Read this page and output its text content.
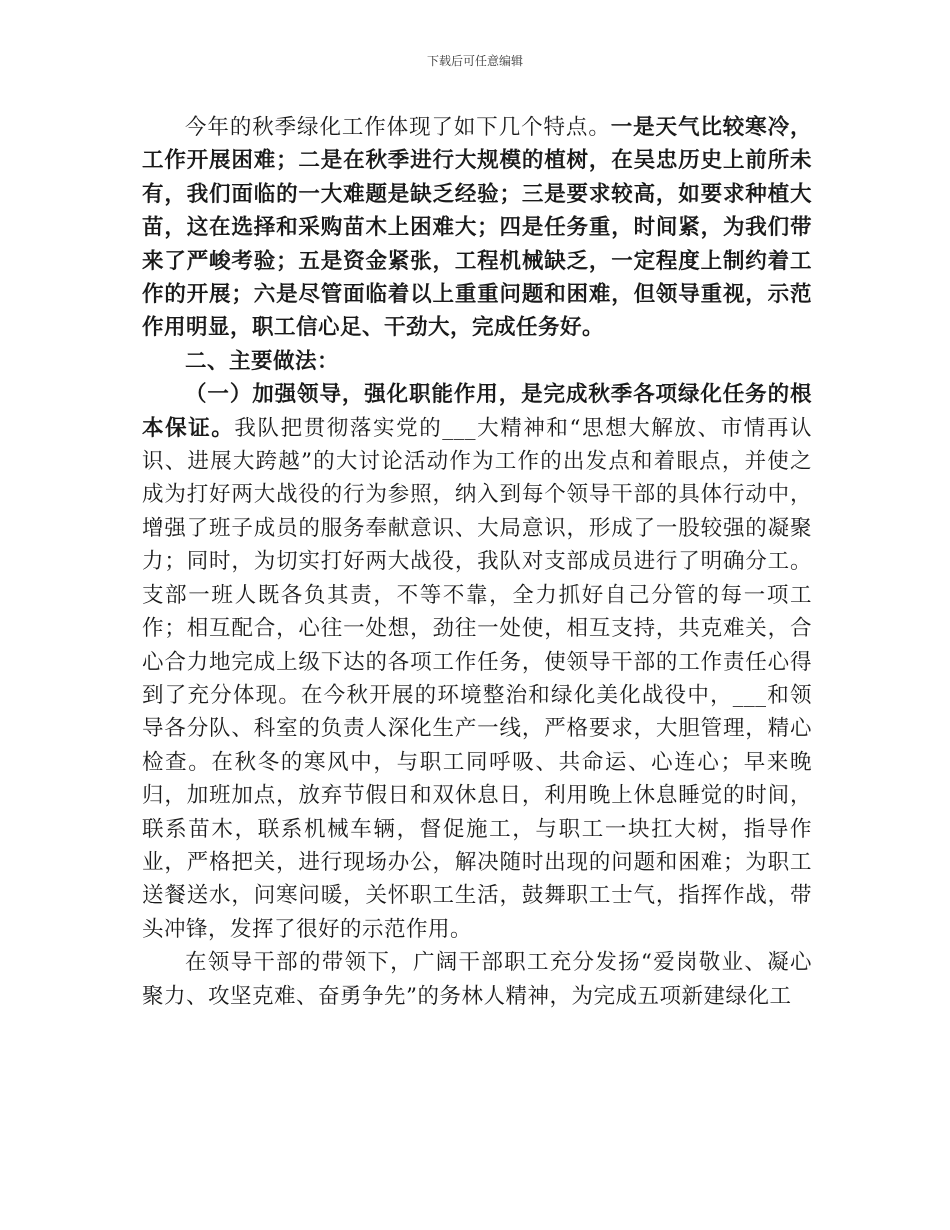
下载后可任意编辑

今年的秋季绿化工作体现了如下几个特点。一是天气比较寒冷，工作开展困难；二是在秋季进行大规模的植树，在吴忠历史上前所未有，我们面临的一大难题是缺乏经验；三是要求较高，如要求种植大苗，这在选择和采购苗木上困难大；四是任务重，时间紧，为我们带来了严峻考验；五是资金紧张，工程机械缺乏，一定程度上制约着工作的开展；六是尽管面临着以上重重问题和困难，但领导重视，示范作用明显，职工信心足、干劲大，完成任务好。

二、主要做法：

（一）加强领导，强化职能作用，是完成秋季各项绿化任务的根本保证。我队把贯彻落实党的___大精神和“思想大解放、市情再认识、进展大跨越”的大讨论活动作为工作的出发点和着眼点，并使之成为打好两大战役的行为参照，纳入到每个领导干部的具体行动中，增强了班子成员的服务奉献意识、大局意识，形成了一股较强的凝聚力；同时，为切实打好两大战役，我队对支部成员进行了明确分工。支部一班人既各负其责，不等不靠，全力抓好自己分管的每一项工作；相互配合，心往一处想，劲往一处使，相互支持，共克难关，合心合力地完成上级下达的各项工作任务，使领导干部的工作责任心得到了充分体现。在今秋开展的环境整治和绿化美化战役中，___和领导各分队、科室的负责人深化生产一线，严格要求，大胆管理，精心检查。在秋冬的寒风中，与职工同呼吸、共命运、心连心；早来晚归，加班加点，放弃节假日和双休息日，利用晚上休息睡觉的时间，联系苗木，联系机械车辆，督促施工，与职工一块扛大树，指导作业，严格把关，进行现场办公，解决随时出现的问题和困难；为职工送餐送水，问寒问暖，关怀职工生活，鼓舞职工士气，指挥作战，带头冲锋，发挥了很好的示范作用。

在领导干部的带领下，广阔干部职工充分发扬“爱岗敬业、凝心聚力、攻坚克难、奋勇争先”的务林人精神，为完成五项新建绿化工
